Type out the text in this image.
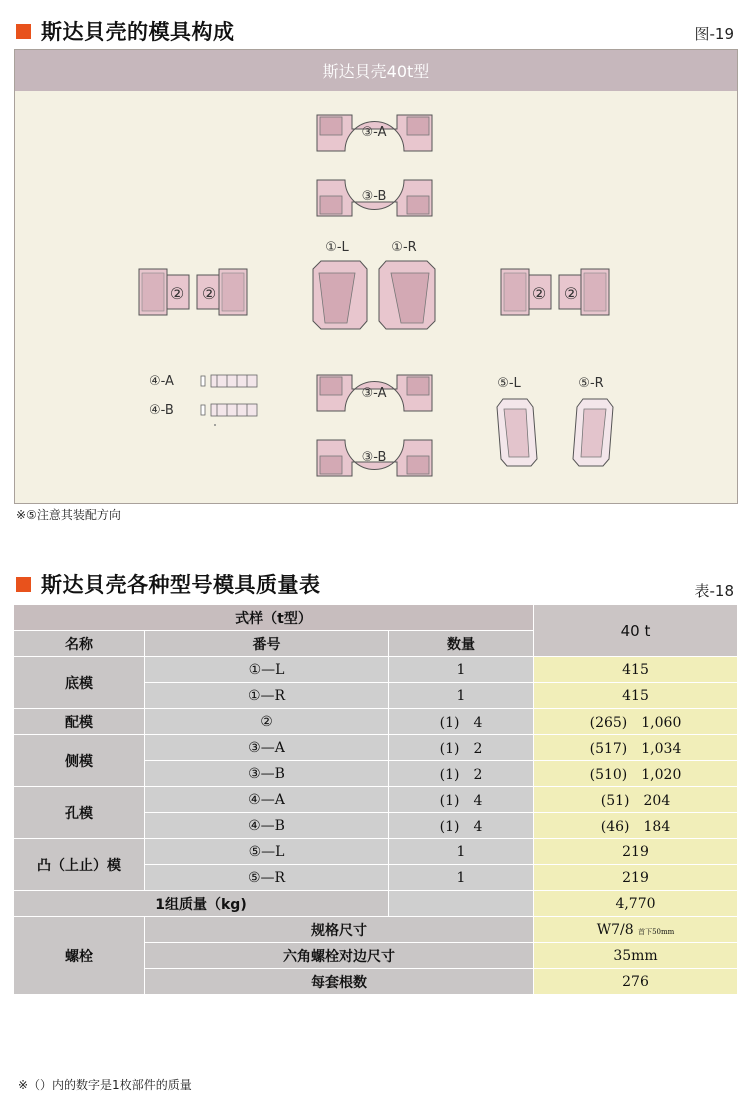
斯达貝壳的模具构成	图-19
斯达貝壳40t型
③-A
③-B
② ②
①-L	①-R
② ②
④-A
④-B
③-A
③-B
⑤-L	⑤-R
※⑤注意其装配方向
斯达貝壳各种型号模具质量表	表-18
式样（t型）			40 t
名称	番号	数量	
底模	①—L	1	415
	①—R	1	415
配模	②	(1)　4	(265)　1,060
侧模	③—A	(1)　2	(517)　1,034
	③—B	(1)　2	(510)　1,020
孔模	④—A	(1)　4	(51)　204
	④—B	(1)　4	(46)　184
凸（上止）模	⑤—L	1	219
	⑤—R	1	219
1组质量（kg)			4,770
螺栓	规格尺寸		W7/8 首下50mm
	六角螺栓对边尺寸		35mm
	每套根数		276
※（）内的数字是1枚部件的质量
